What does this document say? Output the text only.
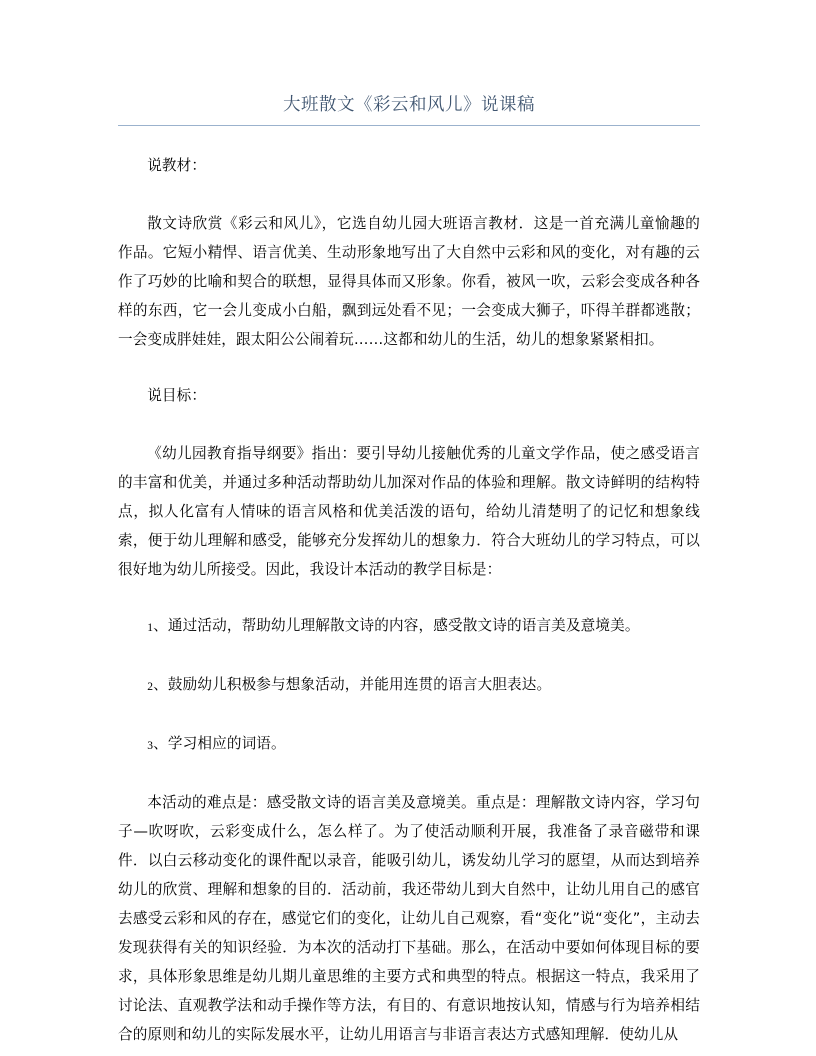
大班散文《彩云和风儿》说课稿

说教材：

散文诗欣赏《彩云和风儿》，它选自幼儿园大班语言教材．这是一首充满儿童愉趣的作品。它短小精悍、语言优美、生动形象地写出了大自然中云彩和风的变化，对有趣的云作了巧妙的比喻和契合的联想，显得具体而又形象。你看，被风一吹，云彩会变成各种各样的东西，它一会儿变成小白船，飘到远处看不见；一会变成大狮子，吓得羊群都逃散；一会变成胖娃娃，跟太阳公公闹着玩……这都和幼儿的生活，幼儿的想象紧紧相扣。

说目标：

《幼儿园教育指导纲要》指出：要引导幼儿接触优秀的儿童文学作品，使之感受语言的丰富和优美，并通过多种活动帮助幼儿加深对作品的体验和理解。散文诗鲜明的结构特点，拟人化富有人情味的语言风格和优美活泼的语句，给幼儿清楚明了的记忆和想象线索，便于幼儿理解和感受，能够充分发挥幼儿的想象力．符合大班幼儿的学习特点，可以很好地为幼儿所接受。因此，我设计本活动的教学目标是：

1、通过活动，帮助幼儿理解散文诗的内容，感受散文诗的语言美及意境美。

2、鼓励幼儿积极参与想象活动，并能用连贯的语言大胆表达。

3、学习相应的词语。

本活动的难点是：感受散文诗的语言美及意境美。重点是：理解散文诗内容，学习句子—吹呀吹，云彩变成什么，怎么样了。为了使活动顺利开展，我准备了录音磁带和课件．以白云移动变化的课件配以录音，能吸引幼儿，诱发幼儿学习的愿望，从而达到培养幼儿的欣赏、理解和想象的目的．活动前，我还带幼儿到大自然中，让幼儿用自己的感官去感受云彩和风的存在，感觉它们的变化，让幼儿自己观察，看“变化”说“变化”，主动去发现获得有关的知识经验．为本次的活动打下基础。那么，在活动中要如何体现目标的要求，具体形象思维是幼儿期儿童思维的主要方式和典型的特点。根据这一特点，我采用了讨论法、直观教学法和动手操作等方法，有目的、有意识地按认知，情感与行为培养相结合的原则和幼儿的实际发展水平，让幼儿用语言与非语言表达方式感知理解．使幼儿从
